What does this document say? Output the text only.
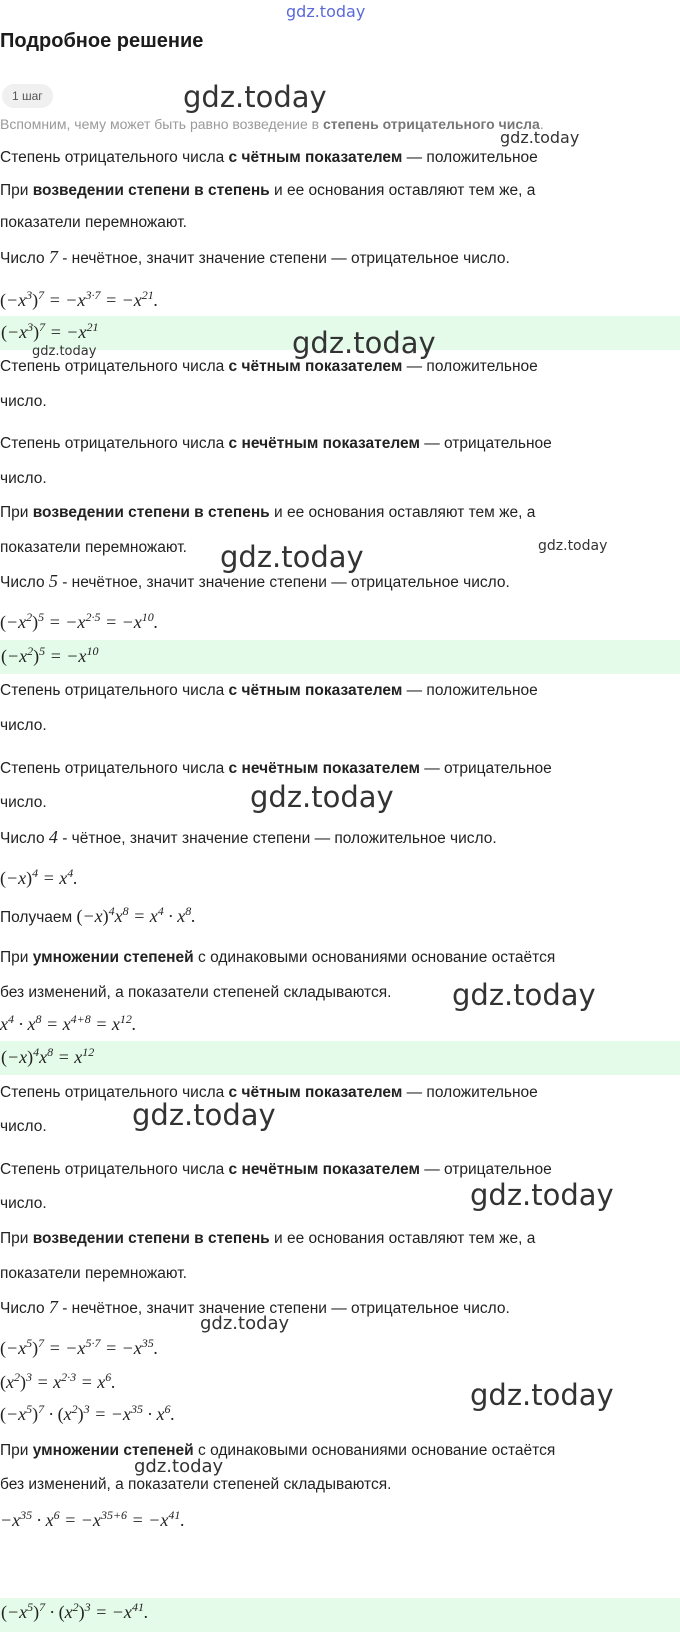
gdz.today
Подробное решение
1 шаг
Вспомним, чему может быть равно возведение в степень отрицательного числа.
Степень отрицательного числа с чётным показателем — положительное
При возведении степени в степень и ее основания оставляют тем же, а
показатели перемножают.
Число 7 - нечётное, значит значение степени — отрицательное число.
$(-x^3)^7 = -x^{3\cdot 7} = -x^{21}$.
$(-x^3)^7 = -x^{21}$
Степень отрицательного числа с чётным показателем — положительное
число.
Степень отрицательного числа с нечётным показателем — отрицательное
число.
При возведении степени в степень и ее основания оставляют тем же, а
показатели перемножают.
Число 5 - нечётное, значит значение степени — отрицательное число.
$(-x^2)^5 = -x^{2\cdot 5} = -x^{10}$.
$(-x^2)^5 = -x^{10}$
Степень отрицательного числа с чётным показателем — положительное
число.
Степень отрицательного числа с нечётным показателем — отрицательное
число.
Число 4 - чётное, значит значение степени — положительное число.
$(-x)^4 = x^4$.
Получаем $(-x)^4x^8 = x^4 \cdot x^8$.
При умножении степеней с одинаковыми основаниями основание остаётся
без изменений, а показатели степеней складываются.
$x^4 \cdot x^8 = x^{4+8} = x^{12}$.
$(-x)^4x^8 = x^{12}$
Степень отрицательного числа с чётным показателем — положительное
число.
Степень отрицательного числа с нечётным показателем — отрицательное
число.
При возведении степени в степень и ее основания оставляют тем же, а
показатели перемножают.
Число 7 - нечётное, значит значение степени — отрицательное число.
$(-x^5)^7 = -x^{5\cdot 7} = -x^{35}$.
$(x^2)^3 = x^{2\cdot 3} = x^6$.
$(-x^5)^7 \cdot (x^2)^3 = -x^{35} \cdot x^6$.
При умножении степеней с одинаковыми основаниями основание остаётся
без изменений, а показатели степеней складываются.
$-x^{35} \cdot x^6 = -x^{35+6} = -x^{41}$.
$(-x^5)^7 \cdot (x^2)^3 = -x^{41}$.
gdz.today
gdz.today
gdz.today
gdz.today
gdz.today	gdz.today
gdz.today
gdz.today
gdz.today
gdz.today
gdz.today
gdz.today
gdz.today
